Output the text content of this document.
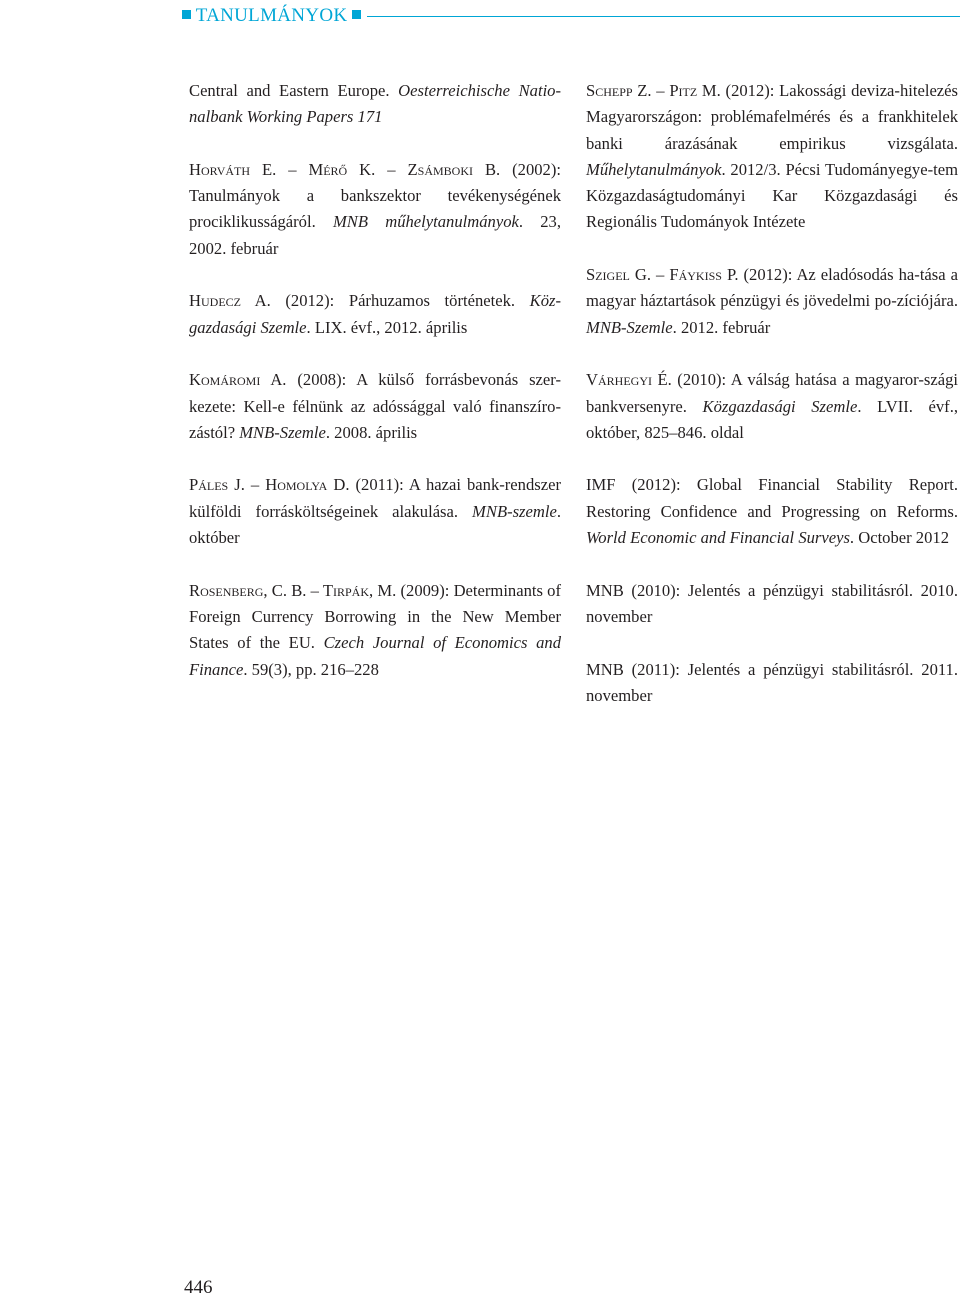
TANULMÁNYOK

Central and Eastern Europe. Oesterreichische Natio-nalbank Working Papers 171

Horváth E. – Mérő K. – Zsámboki B. (2002): Tanulmányok a bankszektor tevékenységének prociklikusságáról. MNB műhelytanulmányok. 23, 2002. február

Hudecz A. (2012): Párhuzamos történetek. Köz-gazdasági Szemle. LIX. évf., 2012. április

Komáromi A. (2008): A külső forrásbevonás szer-kezete: Kell-e félnünk az adóssággal való finanszíro-zástól? MNB-Szemle. 2008. április

Páles J. – Homolya D. (2011): A hazai bank-rendszer külföldi forrásköltségeinek alakulása. MNB-szemle. október

Rosenberg, C. B. – Tirpák, M. (2009): Determinants of Foreign Currency Borrowing in the New Member States of the EU. Czech Journal of Economics and Finance. 59(3), pp. 216–228

Schepp Z. – Pitz M. (2012): Lakossági deviza-hitelezés Magyarországon: problémafelmérés és a frankhitelek banki árazásának empirikus vizsgálata. Műhelytanulmányok. 2012/3. Pécsi Tudományegye-tem Közgazdaságtudományi Kar Közgazdasági és Regionális Tudományok Intézete

Szigel G. – Fáykiss P. (2012): Az eladósodás ha-tása a magyar háztartások pénzügyi és jövedelmi po-zíciójára. MNB-Szemle. 2012. február

Várhegyi É. (2010): A válság hatása a magyaror-szági bankversenyre. Közgazdasági Szemle. LVII. évf., október, 825–846. oldal

IMF (2012): Global Financial Stability Report. Restoring Confidence and Progressing on Reforms. World Economic and Financial Surveys. October 2012

MNB (2010): Jelentés a pénzügyi stabilitásról. 2010. november

MNB (2011): Jelentés a pénzügyi stabilitásról. 2011. november

446
